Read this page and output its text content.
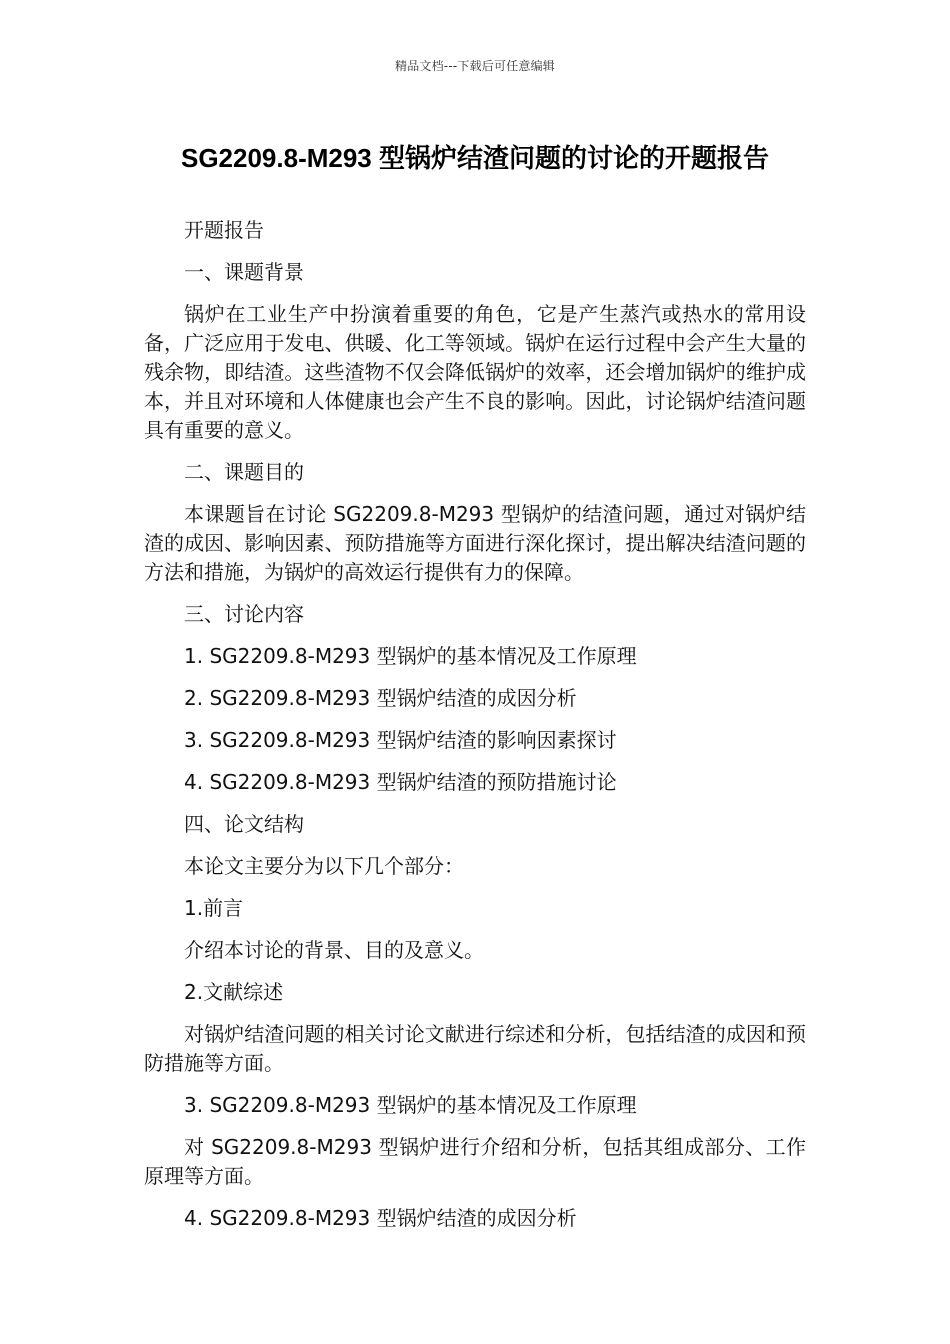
精品文档---下载后可任意编辑
SG2209.8-M293 型锅炉结渣问题的讨论的开题报告

开题报告

一、课题背景

锅炉在工业生产中扮演着重要的角色，它是产生蒸汽或热水的常用设备，广泛应用于发电、供暖、化工等领域。锅炉在运行过程中会产生大量的残余物，即结渣。这些渣物不仅会降低锅炉的效率，还会增加锅炉的维护成本，并且对环境和人体健康也会产生不良的影响。因此，讨论锅炉结渣问题具有重要的意义。

二、课题目的

本课题旨在讨论 SG2209.8-M293 型锅炉的结渣问题，通过对锅炉结渣的成因、影响因素、预防措施等方面进行深化探讨，提出解决结渣问题的方法和措施，为锅炉的高效运行提供有力的保障。

三、讨论内容

1. SG2209.8-M293 型锅炉的基本情况及工作原理

2. SG2209.8-M293 型锅炉结渣的成因分析

3. SG2209.8-M293 型锅炉结渣的影响因素探讨

4. SG2209.8-M293 型锅炉结渣的预防措施讨论

四、论文结构

本论文主要分为以下几个部分：

1.前言

介绍本讨论的背景、目的及意义。

2.文献综述

对锅炉结渣问题的相关讨论文献进行综述和分析，包括结渣的成因和预防措施等方面。

3. SG2209.8-M293 型锅炉的基本情况及工作原理

对 SG2209.8-M293 型锅炉进行介绍和分析，包括其组成部分、工作原理等方面。

4. SG2209.8-M293 型锅炉结渣的成因分析
